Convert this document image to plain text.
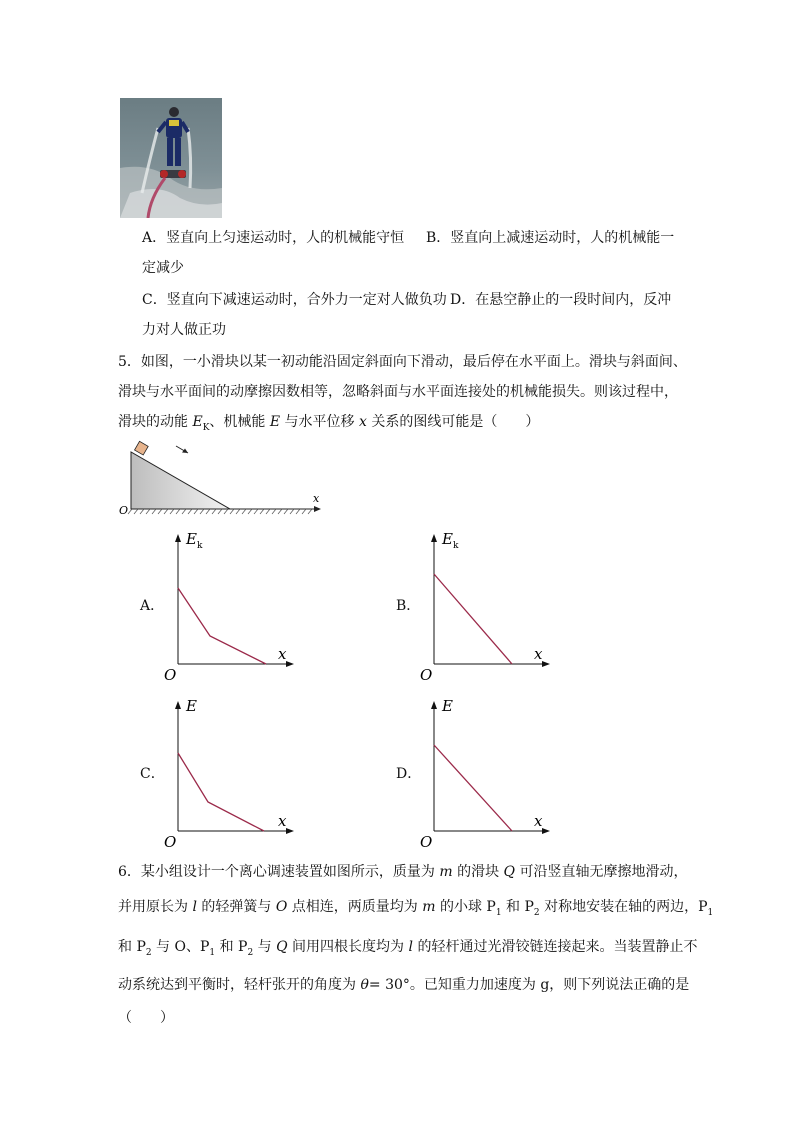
A．竖直向上匀速运动时，人的机械能守恒 B．竖直向上减速运动时，人的机械能一
定减少
C．竖直向下减速运动时，合外力一定对人做负功 D．在悬空静止的一段时间内，反冲
力对人做正功
5．如图，一小滑块以某一初动能沿固定斜面向下滑动，最后停在水平面上。滑块与斜面间、
滑块与水平面间的动摩擦因数相等，忽略斜面与水平面连接处的机械能损失。则该过程中，
滑块的动能 $E_K$、机械能 E 与水平位移 x 关系的图线可能是（　　）
O
x
A．
E k
x
O
B．
E k
x
O
C．
E
x
O
D．
E
x
O
6．某小组设计一个离心调速装置如图所示，质量为 m 的滑块 Q 可沿竖直轴无摩擦地滑动，
并用原长为 l 的轻弹簧与 O 点相连，两质量均为 m 的小球 $P_1$ 和 $P_2$ 对称地安装在轴的两边，$P_1$
和 $P_2$ 与 O、$P_1$ 和 $P_2$ 与 Q 间用四根长度均为 l 的轻杆通过光滑铰链连接起来。当装置静止不
动系统达到平衡时，轻杆张开的角度为 θ= 30°。已知重力加速度为 g，则下列说法正确的是
（　　）
